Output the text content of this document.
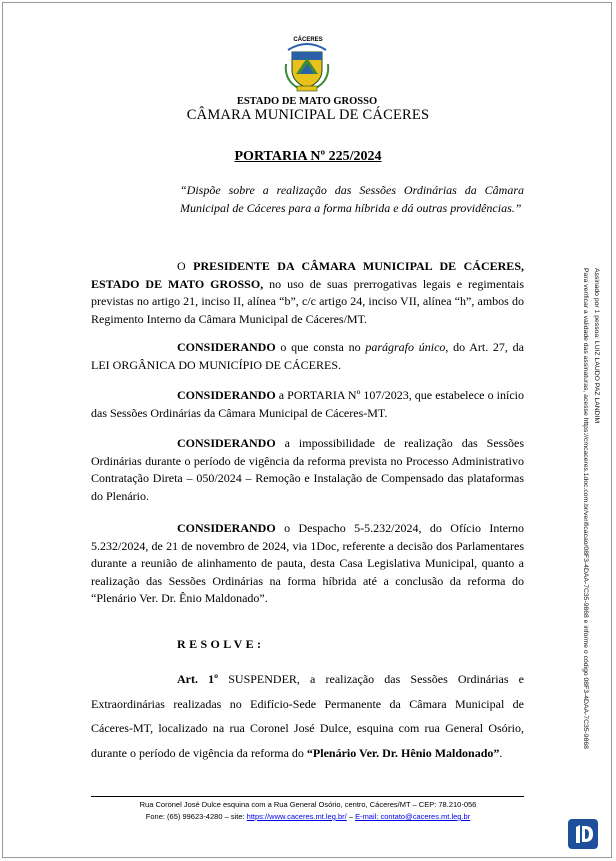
CÁCERES
ESTADO DE MATO GROSSO
CÂMARA MUNICIPAL DE CÁCERES
PORTARIA Nº 225/2024
“Dispõe sobre a realização das Sessões Ordinárias da Câmara Municipal de Cáceres para a forma híbrida e dá outras providências.”
O PRESIDENTE DA CÂMARA MUNICIPAL DE CÁCERES, ESTADO DE MATO GROSSO, no uso de suas prerrogativas legais e regimentais previstas no artigo 21, inciso II, alínea “b”, c/c artigo 24, inciso VII, alínea “h”, ambos do Regimento Interno da Câmara Municipal de Cáceres/MT.
CONSIDERANDO o que consta no parágrafo único, do Art. 27, da LEI ORGÂNICA DO MUNICÍPIO DE CÁCERES.
CONSIDERANDO a PORTARIA Nº 107/2023, que estabelece o início das Sessões Ordinárias da Câmara Municipal de Cáceres-MT.
CONSIDERANDO a impossibilidade de realização das Sessões Ordinárias durante o período de vigência da reforma prevista no Processo Administrativo Contratação Direta – 050/2024 – Remoção e Instalação de Compensado das plataformas do Plenário.
CONSIDERANDO o Despacho 5-5.232/2024, do Ofício Interno 5.232/2024, de 21 de novembro de 2024, via 1Doc, referente a decisão dos Parlamentares durante a reunião de alinhamento de pauta, desta Casa Legislativa Municipal, quanto a realização das Sessões Ordinárias na forma híbrida até a conclusão da reforma do “Plenário Ver. Dr. Ênio Maldonado”.
RESOLVE:
Art. 1º SUSPENDER, a realização das Sessões Ordinárias e Extraordinárias realizadas no Edifício-Sede Permanente da Câmara Municipal de Cáceres-MT, localizado na rua Coronel José Dulce, esquina com rua General Osório, durante o período de vigência da reforma do “Plenário Ver. Dr. Hênio Maldonado”.
Rua Coronel José Dulce esquina com a Rua General Osório, centro, Cáceres/MT – CEP: 78.210-056
Fone: (65) 99623-4280 – site: https://www.caceres.mt.leg.br/ – E-mail: contato@caceres.mt.leg.br
Assinado por 1 pessoa: LUIZ LAUDO PAZ LANDIM
Para verificar a validade das assinaturas, acesse https://cmcaceres.1doc.com.br/verificacao/08F3-4DAA-7C35-9868 e informe o código 08F3-4DAA-7C35-9868
